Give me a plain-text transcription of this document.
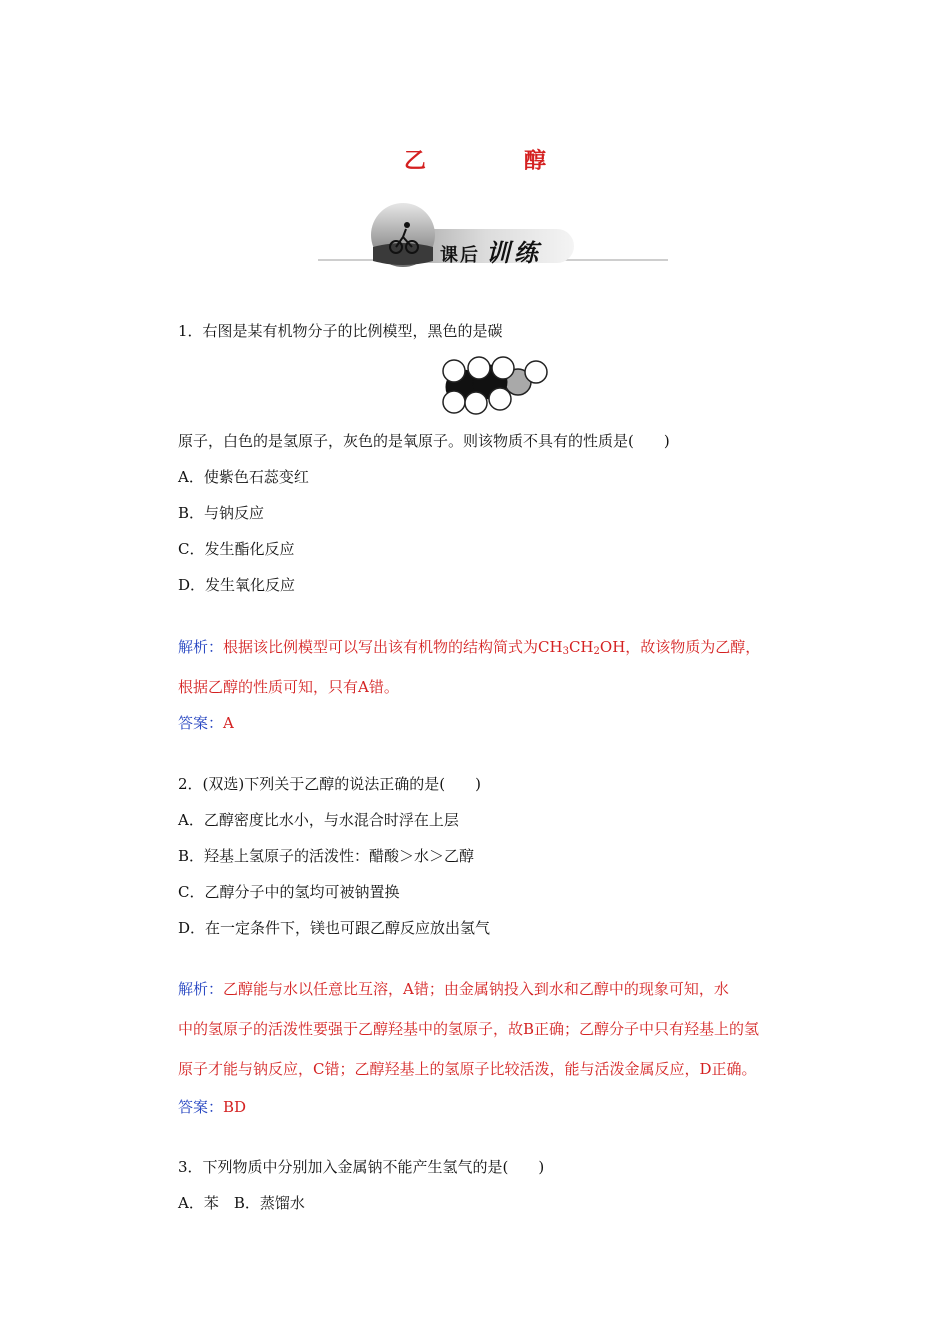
乙　醇
课后 训练
1．右图是某有机物分子的比例模型，黑色的是碳
原子，白色的是氢原子，灰色的是氧原子。则该物质不具有的性质是(　　)
A．使紫色石蕊变红
B．与钠反应
C．发生酯化反应
D．发生氧化反应
解析：根据该比例模型可以写出该有机物的结构简式为$CH_3CH_2OH$，故该物质为乙醇，
根据乙醇的性质可知，只有A错。
答案：A
2．(双选)下列关于乙醇的说法正确的是(　　)
A．乙醇密度比水小，与水混合时浮在上层
B．羟基上氢原子的活泼性：醋酸＞水＞乙醇
C．乙醇分子中的氢均可被钠置换
D．在一定条件下，镁也可跟乙醇反应放出氢气
解析：乙醇能与水以任意比互溶，A错；由金属钠投入到水和乙醇中的现象可知，水
中的氢原子的活泼性要强于乙醇羟基中的氢原子，故B正确；乙醇分子中只有羟基上的氢
原子才能与钠反应，C错；乙醇羟基上的氢原子比较活泼，能与活泼金属反应，D正确。
答案：BD
3．下列物质中分别加入金属钠不能产生氢气的是(　　)
A．苯　B．蒸馏水
